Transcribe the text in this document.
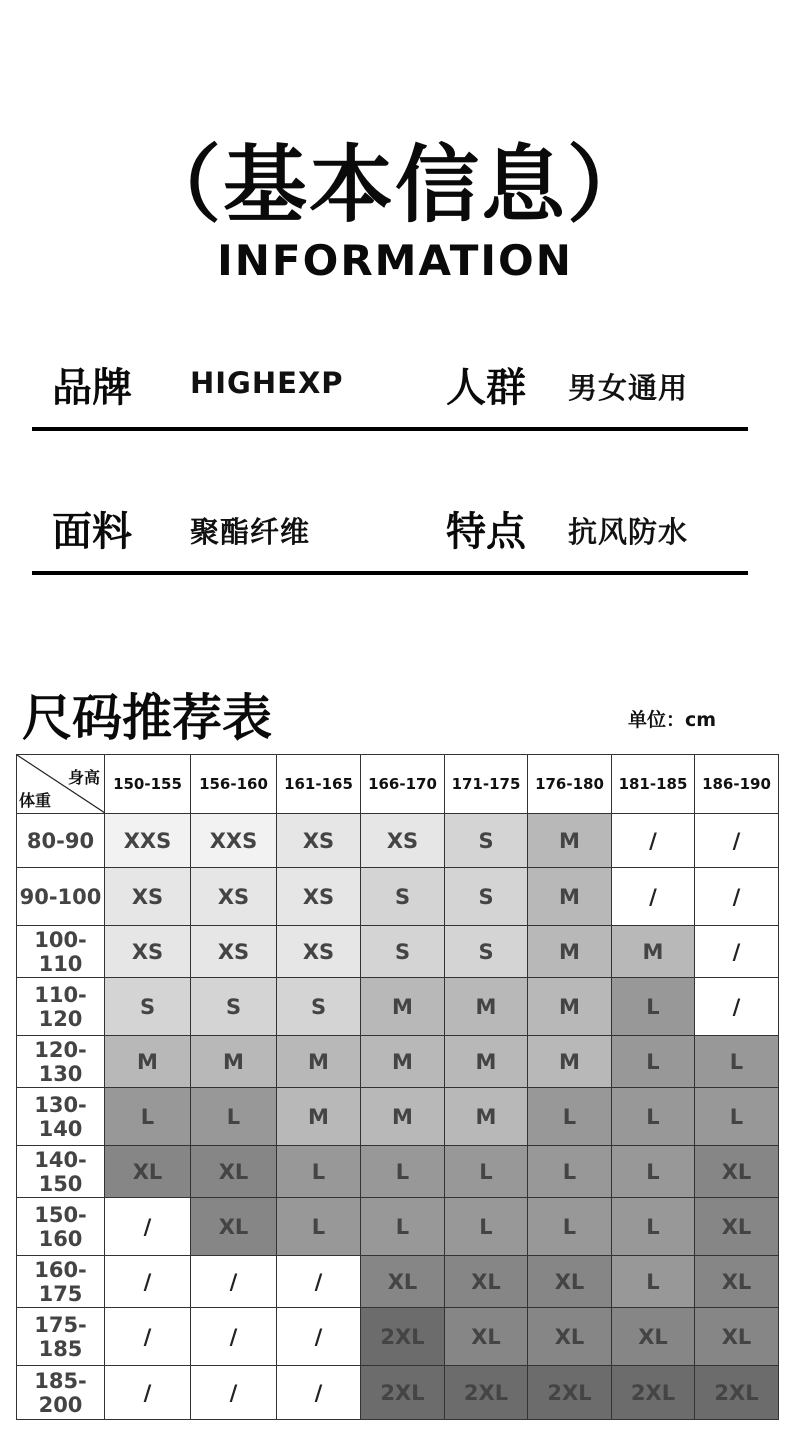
（基本信息）
INFORMATION
品牌 HIGHEXP	人群 男女通用
面料 聚酯纤维	特点 抗风防水
尺码推荐表	单位：cm
身高
体重	150-155	156-160	161-165	166-170	171-175	176-180	181-185	186-190
80-90	XXS	XXS	XS	XS	S	M	/	/
90-100	XS	XS	XS	S	S	M	/	/
100-110	XS	XS	XS	S	S	M	M	/
110-120	S	S	S	M	M	M	L	/
120-130	M	M	M	M	M	M	L	L
130-140	L	L	M	M	M	L	L	L
140-150	XL	XL	L	L	L	L	L	XL
150-160	/	XL	L	L	L	L	L	XL
160-175	/	/	/	XL	XL	XL	L	XL
175-185	/	/	/	2XL	XL	XL	XL	XL
185-200	/	/	/	2XL	2XL	2XL	2XL	2XL
